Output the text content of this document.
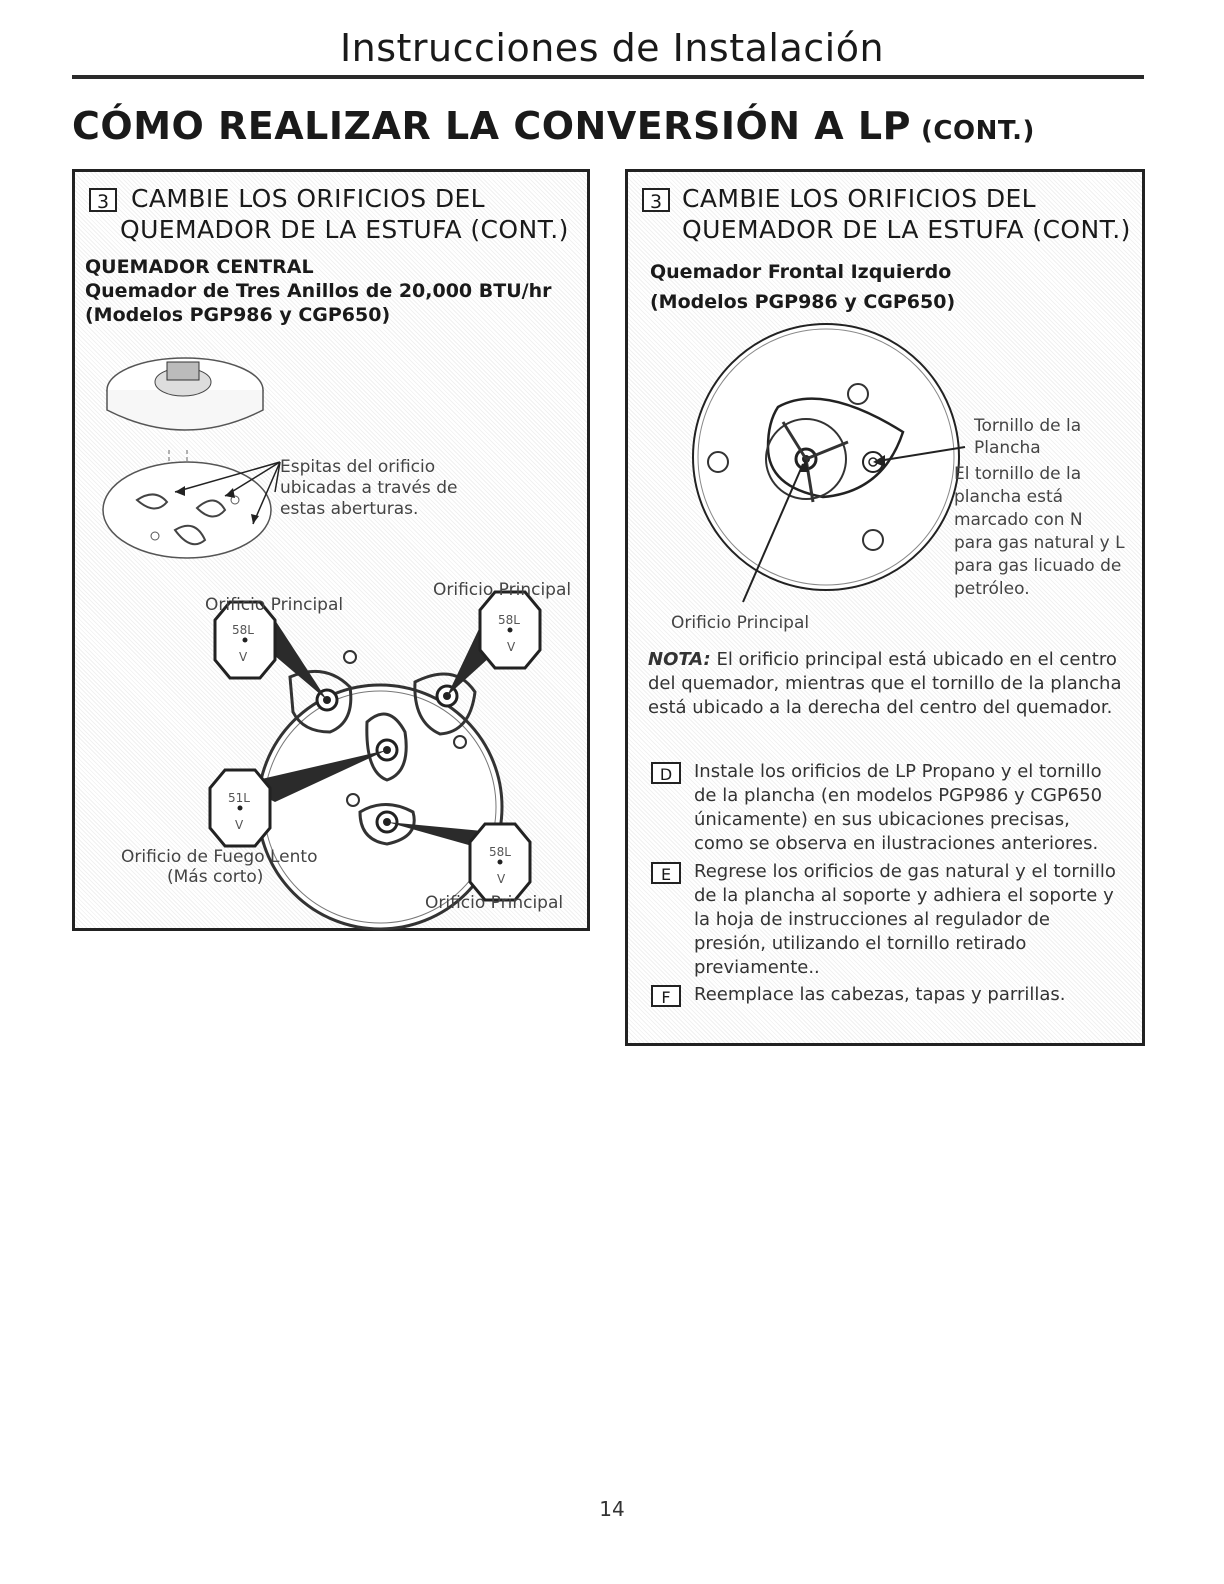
Instrucciones de Instalación
CÓMO REALIZAR LA CONVERSIÓN A LP (CONT.)
3 CAMBIE LOS ORIFICIOS DEL
QUEMADOR DE LA ESTUFA (CONT.)
QUEMADOR CENTRAL
Quemador de Tres Anillos de 20,000 BTU/hr
(Modelos PGP986 y CGP650)
Espitas del orificio
ubicadas a través de
estas aberturas.
58L
V
58L
V
51L
V
58L
V
Orificio Principal
Orificio Principal
Orificio de Fuego Lento
(Más corto)
Orificio Principal
3 CAMBIE LOS ORIFICIOS DEL
QUEMADOR DE LA ESTUFA (CONT.)
Quemador Frontal Izquierdo
(Modelos PGP986 y CGP650)
Tornillo de la
Plancha
El tornillo de la
plancha está
marcado con N
para gas natural y L
para gas licuado de
petróleo.
Orificio Principal
NOTA: El orificio principal está ubicado en el centro
del quemador, mientras que el tornillo de la plancha
está ubicado a la derecha del centro del quemador.
D	Instale los orificios de LP Propano y el tornillo
de la plancha (en modelos PGP986 y CGP650
únicamente) en sus ubicaciones precisas,
como se observa en ilustraciones anteriores.
E	Regrese los orificios de gas natural y el tornillo
de la plancha al soporte y adhiera el soporte y
la hoja de instrucciones al regulador de
presión, utilizando el tornillo retirado
previamente..
F	Reemplace las cabezas, tapas y parrillas.
14
